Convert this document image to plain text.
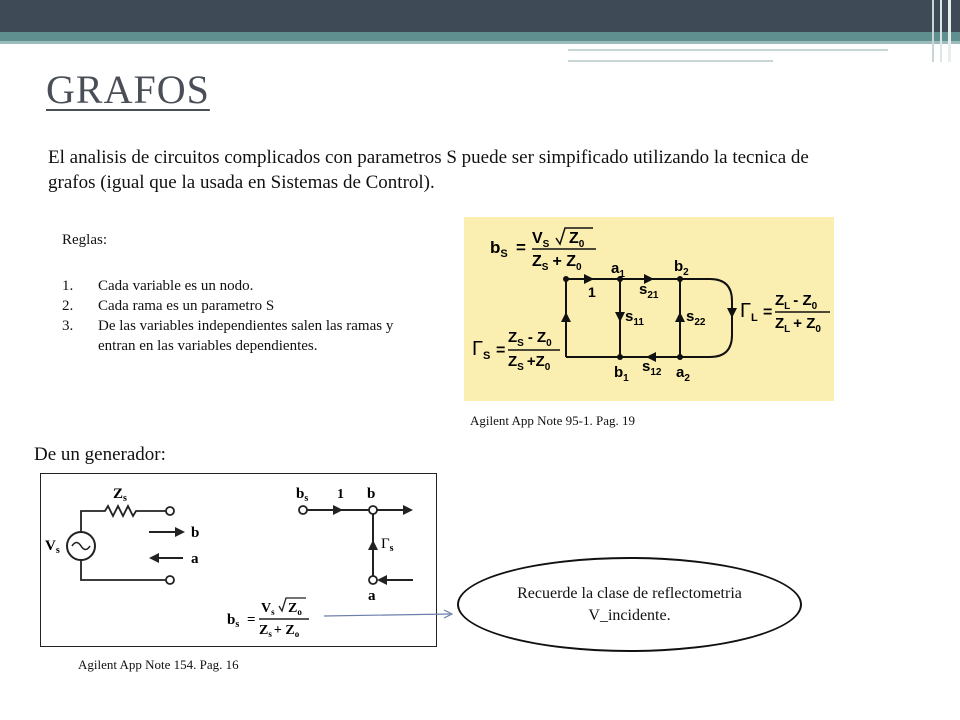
GRAFOS
El analisis de circuitos complicados con parametros S puede ser simpificado utilizando la tecnica de grafos (igual que la usada en Sistemas de Control).
Reglas:
1. Cada variable es un nodo.
2. Cada rama es un parametro S
3. De las variables independientes salen las ramas y entran en las variables dependientes.
$b_S = V_S$ $Z_0$
$Z_S + Z_0$ $a_1$	$b_2$
$b_1$	$a_2$
1	$s_{21}$
$s_{11}$	$s_{22}$
$s_{12}$
$\Gamma_S$ =
$Z_S - Z_0$
$Z_S +Z_0$
$\Gamma_L$ =
$Z_L - Z_0$
$Z_L + Z_0$
Agilent App Note 95-1. Pag. 19
De un generador:
$Z_s$
$V_s$
b
a
$b_s$ 1 b
$\Gamma_s$
a
$b_s$ =
$V_s$ $Z_o$
$Z_s + Z_o$
Agilent App Note 154. Pag. 16
Recuerde la clase de reflectometria
V_incidente.
